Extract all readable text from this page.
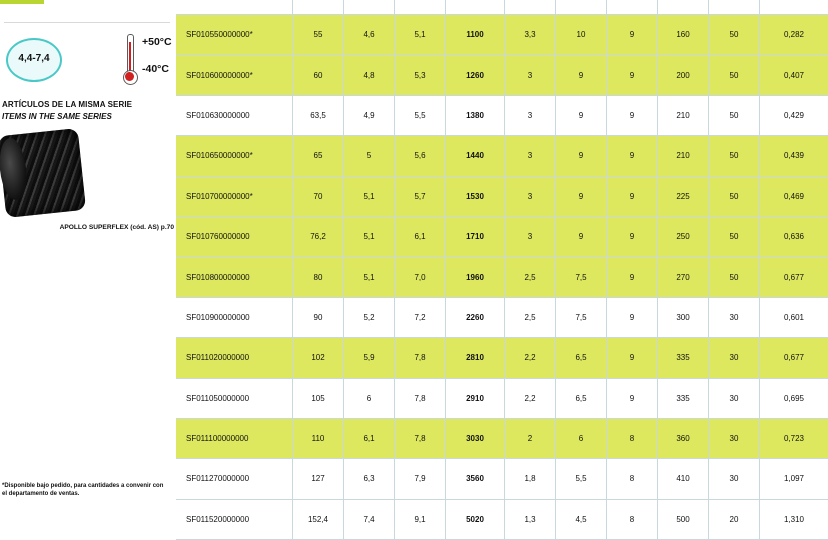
4,4-7,4
+50°C
-40°C
ARTÍCULOS DE LA MISMA SERIE
ITEMS IN THE SAME SERIES
APOLLO SUPERFLEX (cód. AS) p.70
*Disponible bajo pedido, para cantidades a convenir con el departamento de ventas.

SF010550000000*	55	4,6	5,1	1100	3,3	10	9	160	50	0,282
SF010600000000*	60	4,8	5,3	1260	3	9	9	200	50	0,407
SF010630000000	63,5	4,9	5,5	1380	3	9	9	210	50	0,429
SF010650000000*	65	5	5,6	1440	3	9	9	210	50	0,439
SF010700000000*	70	5,1	5,7	1530	3	9	9	225	50	0,469
SF010760000000	76,2	5,1	6,1	1710	3	9	9	250	50	0,636
SF010800000000	80	5,1	7,0	1960	2,5	7,5	9	270	50	0,677
SF010900000000	90	5,2	7,2	2260	2,5	7,5	9	300	30	0,601
SF011020000000	102	5,9	7,8	2810	2,2	6,5	9	335	30	0,677
SF011050000000	105	6	7,8	2910	2,2	6,5	9	335	30	0,695
SF011100000000	110	6,1	7,8	3030	2	6	8	360	30	0,723
SF011270000000	127	6,3	7,9	3560	1,8	5,5	8	410	30	1,097
SF011520000000	152,4	7,4	9,1	5020	1,3	4,5	8	500	20	1,310
